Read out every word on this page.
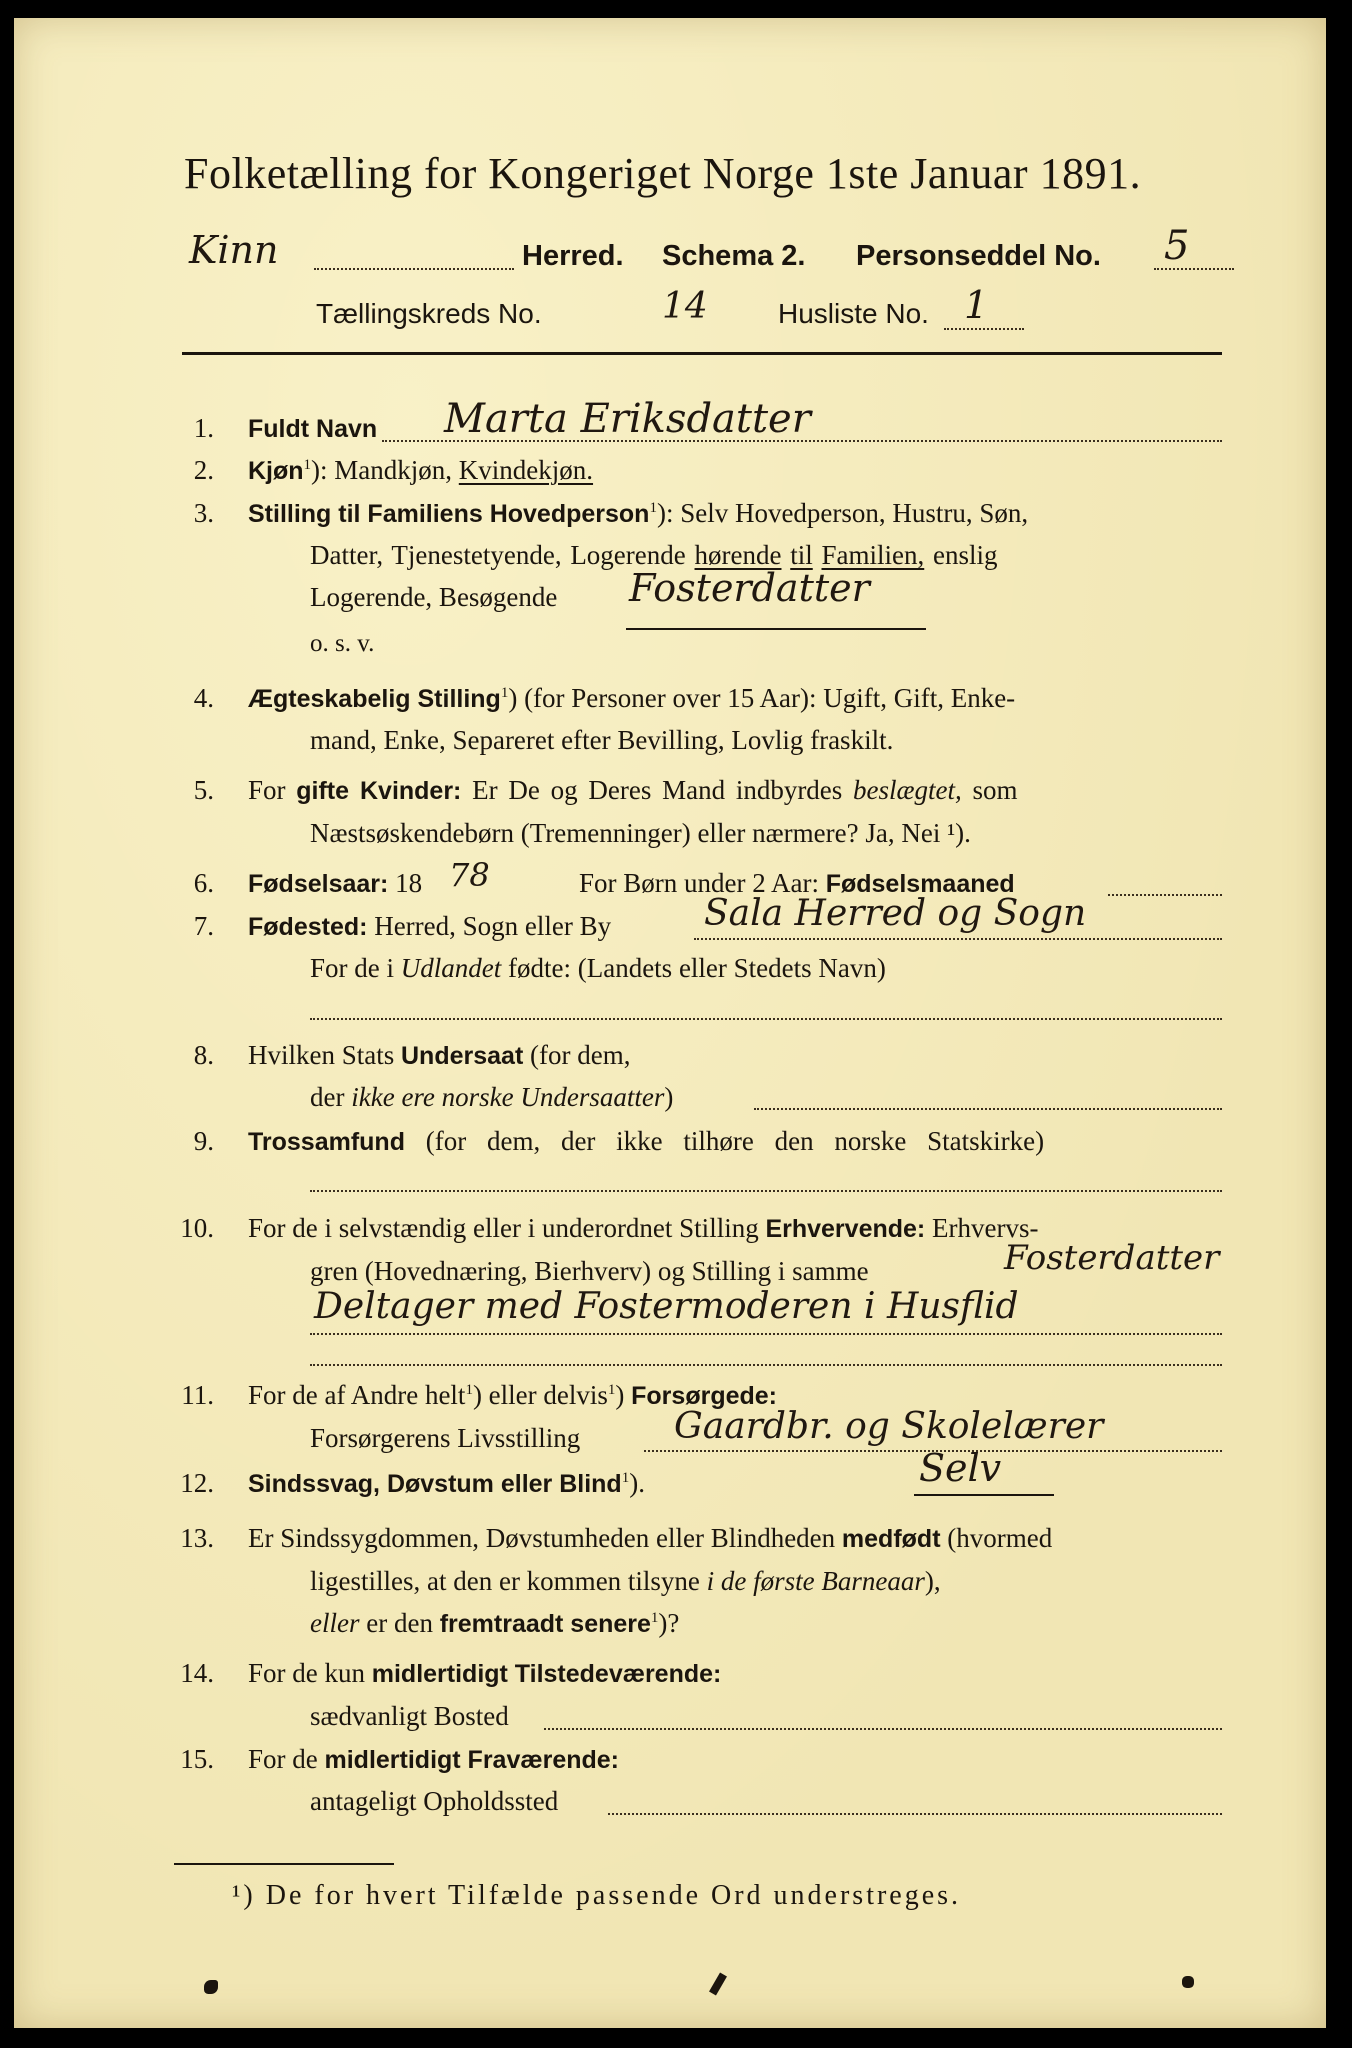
Folketælling for Kongeriget Norge 1ste Januar 1891.
Kinn	Herred. Schema 2. Personseddel No. 5
Tællingskreds No.	14	Husliste No. 1
1. Fuldt Navn Marta Eriksdatter
2. Kjøn$^1$): Mandkjøn, Kvindekjøn.
3. Stilling til Familiens Hovedperson$^1$): Selv Hovedperson, Hustru, Søn,
Datter, Tjenestetyende, Logerende hørende til Familien, enslig
Logerende, Besøgende Fosterdatter
o. s. v.
4. Ægteskabelig Stilling$^1$) (for Personer over 15 Aar): Ugift, Gift, Enke-
mand, Enke, Separeret efter Bevilling, Lovlig fraskilt.
5. For gifte Kvinder: Er De og Deres Mand indbyrdes beslægtet, som
Næstsøskendebørn (Tremenninger) eller nærmere? Ja, Nei ¹).
6. Fødselsaar: 18 78	For Børn under 2 Aar: Fødselsmaaned
7. Fødested: Herred, Sogn eller By	Sala Herred og Sogn
For de i Udlandet fødte: (Landets eller Stedets Navn)
8. Hvilken Stats Undersaat (for dem,
der ikke ere norske Undersaatter)
9. Trossamfund (for dem, der ikke tilhøre den norske Statskirke)
10. For de i selvstændig eller i underordnet Stilling Erhvervende: Erhvervs-
gren (Hovednæring, Bierhverv) og Stilling i samme	Fosterdatter
Deltager med Fostermoderen i Husflid
11. For de af Andre helt$^1$) eller delvis$^1$) Forsørgede:
Forsørgerens Livsstilling	Gaardbr. og Skolelærer
12. Sindssvag, Døvstum eller Blind$^1$).	Selv
13. Er Sindssygdommen, Døvstumheden eller Blindheden medfødt (hvormed
ligestilles, at den er kommen tilsyne i de første Barneaar),
eller er den fremtraadt senere$^1$)?
14. For de kun midlertidigt Tilstedeværende:
sædvanligt Bosted
15. For de midlertidigt Fraværende:
antageligt Opholdssted
¹) De for hvert Tilfælde passende Ord understreges.
